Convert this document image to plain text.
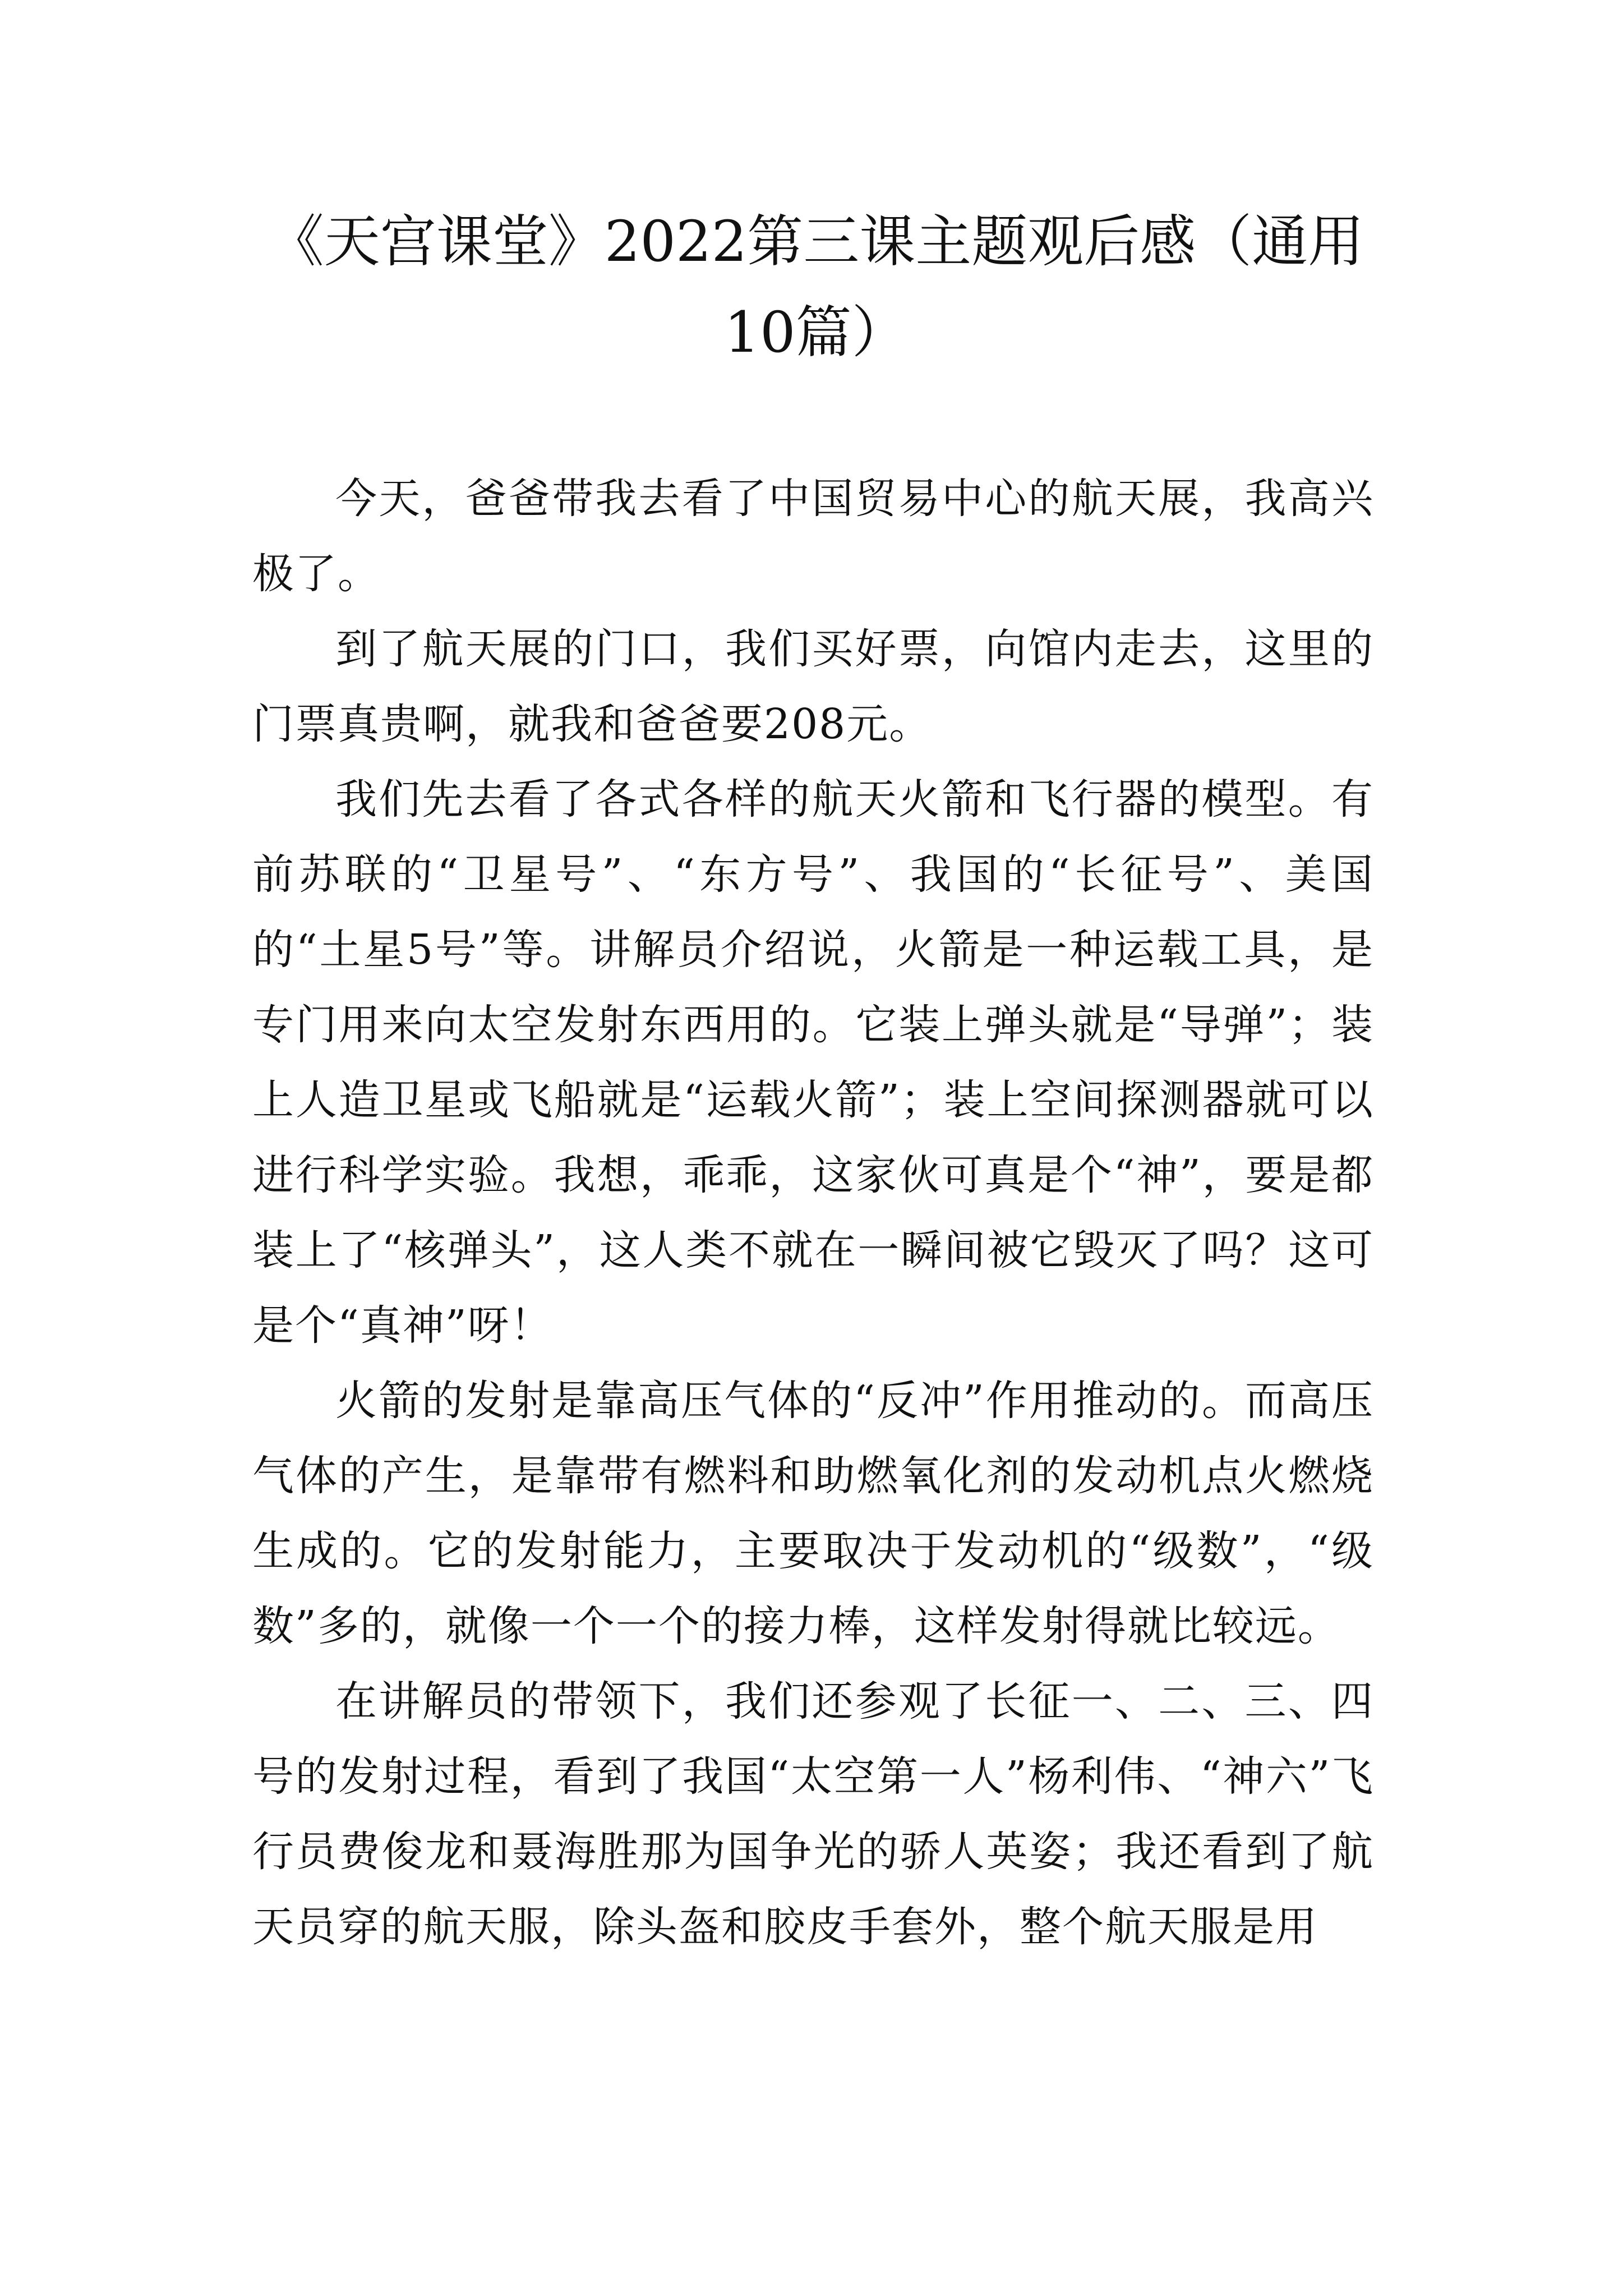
《天宫课堂》2022第三课主题观后感（通用10篇）

今天，爸爸带我去看了中国贸易中心的航天展，我高兴极了。

到了航天展的门口，我们买好票，向馆内走去，这里的门票真贵啊，就我和爸爸要208元。

我们先去看了各式各样的航天火箭和飞行器的模型。有前苏联的“卫星号”、“东方号”、我国的“长征号”、美国的“土星5号”等。讲解员介绍说，火箭是一种运载工具，是专门用来向太空发射东西用的。它装上弹头就是“导弹”；装上人造卫星或飞船就是“运载火箭”；装上空间探测器就可以进行科学实验。我想，乖乖，这家伙可真是个“神”，要是都装上了“核弹头”，这人类不就在一瞬间被它毁灭了吗？这可是个“真神”呀！

火箭的发射是靠高压气体的“反冲”作用推动的。而高压气体的产生，是靠带有燃料和助燃氧化剂的发动机点火燃烧生成的。它的发射能力，主要取决于发动机的“级数”，“级数”多的，就像一个一个的接力棒，这样发射得就比较远。

在讲解员的带领下，我们还参观了长征一、二、三、四号的发射过程，看到了我国“太空第一人”杨利伟、“神六”飞行员费俊龙和聂海胜那为国争光的骄人英姿；我还看到了航天员穿的航天服，除头盔和胶皮手套外，整个航天服是用
